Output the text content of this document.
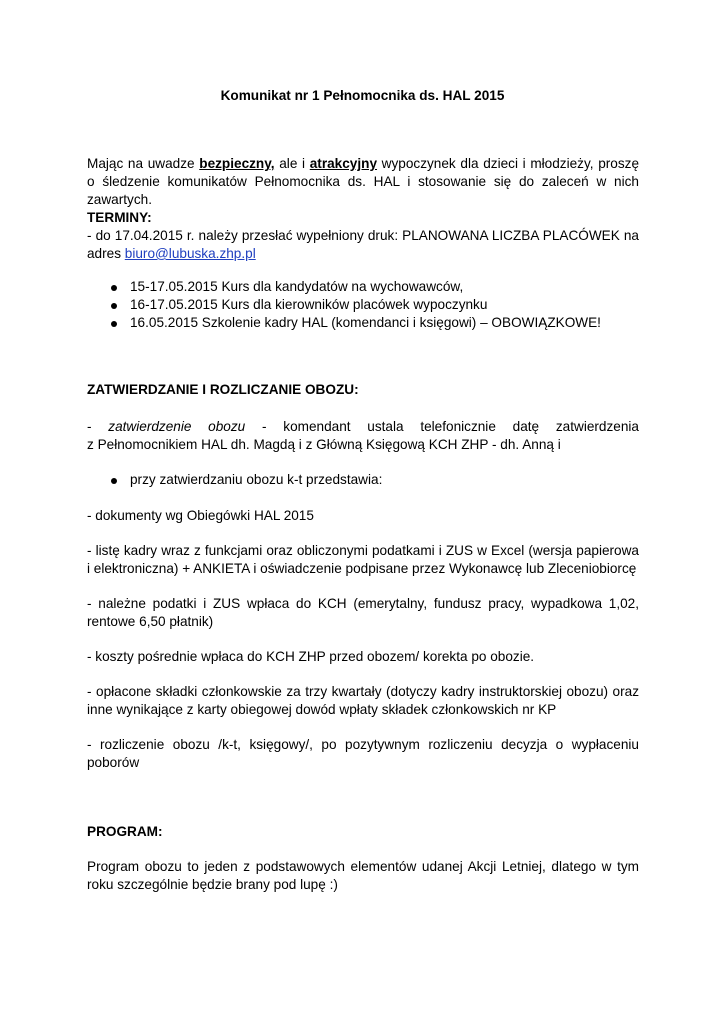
Komunikat nr 1 Pełnomocnika ds. HAL 2015
Mając na uwadze bezpieczny, ale i atrakcyjny wypoczynek dla dzieci i młodzieży, proszę
o śledzenie komunikatów Pełnomocnika ds. HAL i stosowanie się do zaleceń w nich
zawartych.
TERMINY:
- do 17.04.2015 r. należy przesłać wypełniony druk: PLANOWANA LICZBA PLACÓWEK na
adres biuro@lubuska.zhp.pl
15-17.05.2015 Kurs dla kandydatów na wychowawców,
16-17.05.2015 Kurs dla kierowników placówek wypoczynku
16.05.2015 Szkolenie kadry HAL (komendanci i księgowi) – OBOWIĄZKOWE!
ZATWIERDZANIE I ROZLICZANIE OBOZU:
- zatwierdzenie obozu - komendant ustala telefonicznie datę zatwierdzenia
z Pełnomocnikiem HAL dh. Magdą i z Główną Księgową KCH ZHP - dh. Anną i
przy zatwierdzaniu obozu k-t przedstawia:
- dokumenty wg Obiegówki HAL 2015
- listę kadry wraz z funkcjami oraz obliczonymi podatkami i ZUS w Excel (wersja papierowa
i elektroniczna) + ANKIETA i oświadczenie podpisane przez Wykonawcę lub Zleceniobiorcę
- należne podatki i ZUS wpłaca do KCH (emerytalny, fundusz pracy, wypadkowa 1,02,
rentowe 6,50 płatnik)
- koszty pośrednie wpłaca do KCH ZHP przed obozem/ korekta po obozie.
- opłacone składki członkowskie za trzy kwartały (dotyczy kadry instruktorskiej obozu) oraz
inne wynikające z karty obiegowej dowód wpłaty składek członkowskich nr KP
- rozliczenie obozu /k-t, księgowy/, po pozytywnym rozliczeniu decyzja o wypłaceniu
poborów
PROGRAM:
Program obozu to jeden z podstawowych elementów udanej Akcji Letniej, dlatego w tym
roku szczególnie będzie brany pod lupę :)
